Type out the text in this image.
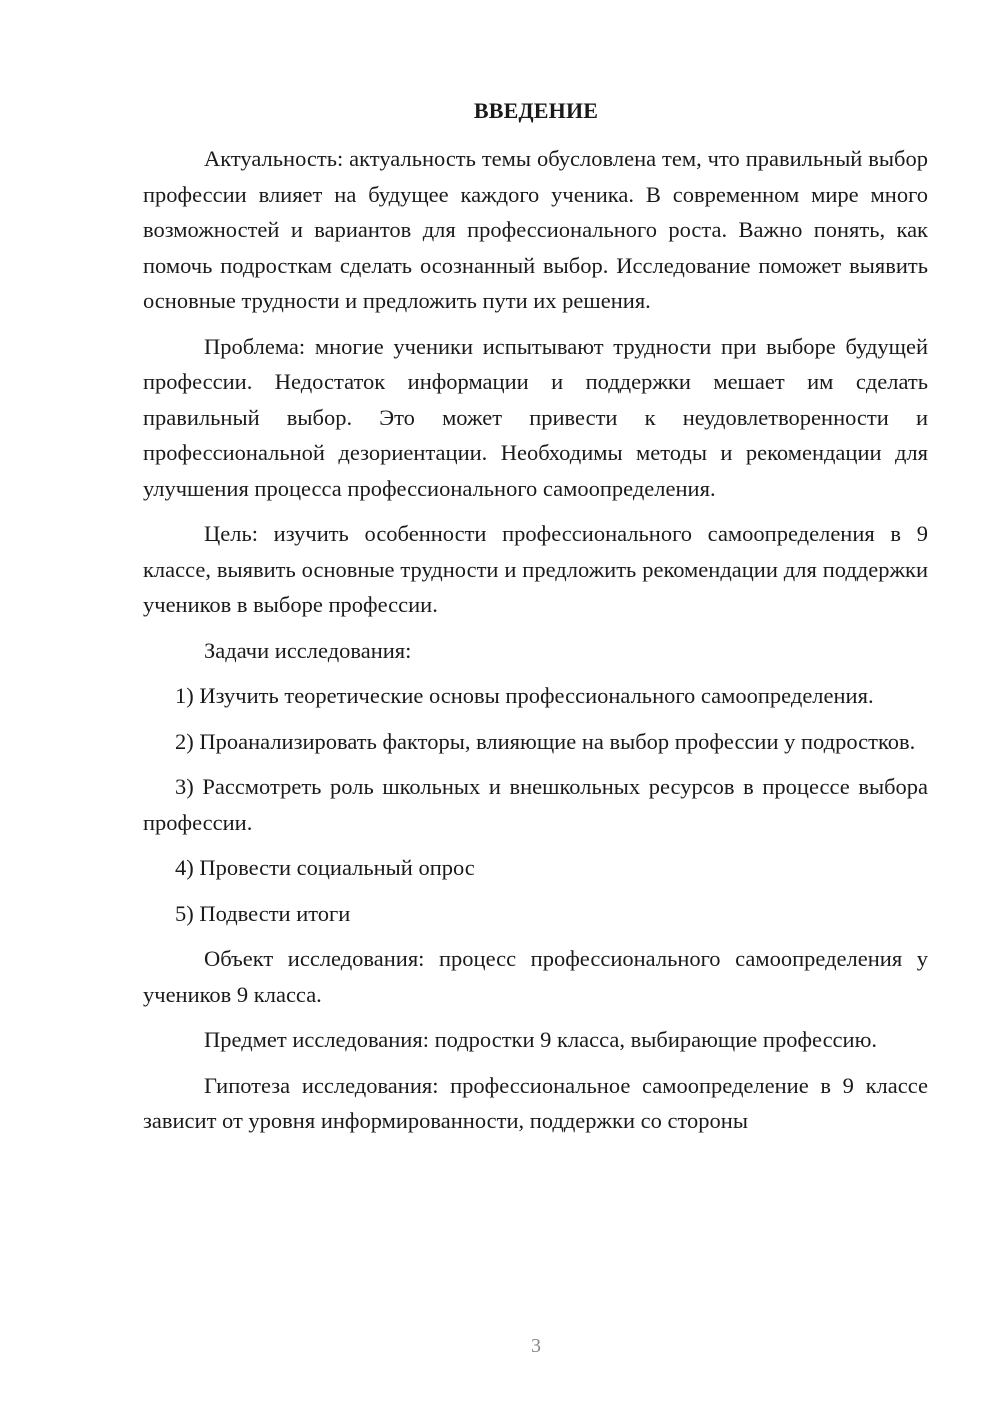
ВВЕДЕНИЕ

Актуальность: актуальность темы обусловлена тем, что правильный выбор профессии влияет на будущее каждого ученика. В современном мире много возможностей и вариантов для профессионального роста. Важно понять, как помочь подросткам сделать осознанный выбор. Исследование поможет выявить основные трудности и предложить пути их решения.

Проблема: многие ученики испытывают трудности при выборе будущей профессии. Недостаток информации и поддержки мешает им сделать правильный выбор. Это может привести к неудовлетворенности и профессиональной дезориентации. Необходимы методы и рекомендации для улучшения процесса профессионального самоопределения.

Цель: изучить особенности профессионального самоопределения в 9 классе, выявить основные трудности и предложить рекомендации для поддержки учеников в выборе профессии.

Задачи исследования:

1) Изучить теоретические основы профессионального самоопределения.

2) Проанализировать факторы, влияющие на выбор профессии у подростков.

3) Рассмотреть роль школьных и внешкольных ресурсов в процессе выбора профессии.

4) Провести социальный опрос

5) Подвести итоги

Объект исследования: процесс профессионального самоопределения у учеников 9 класса.

Предмет исследования: подростки 9 класса, выбирающие профессию.

Гипотеза исследования: профессиональное самоопределение в 9 классе зависит от уровня информированности, поддержки со стороны

3
